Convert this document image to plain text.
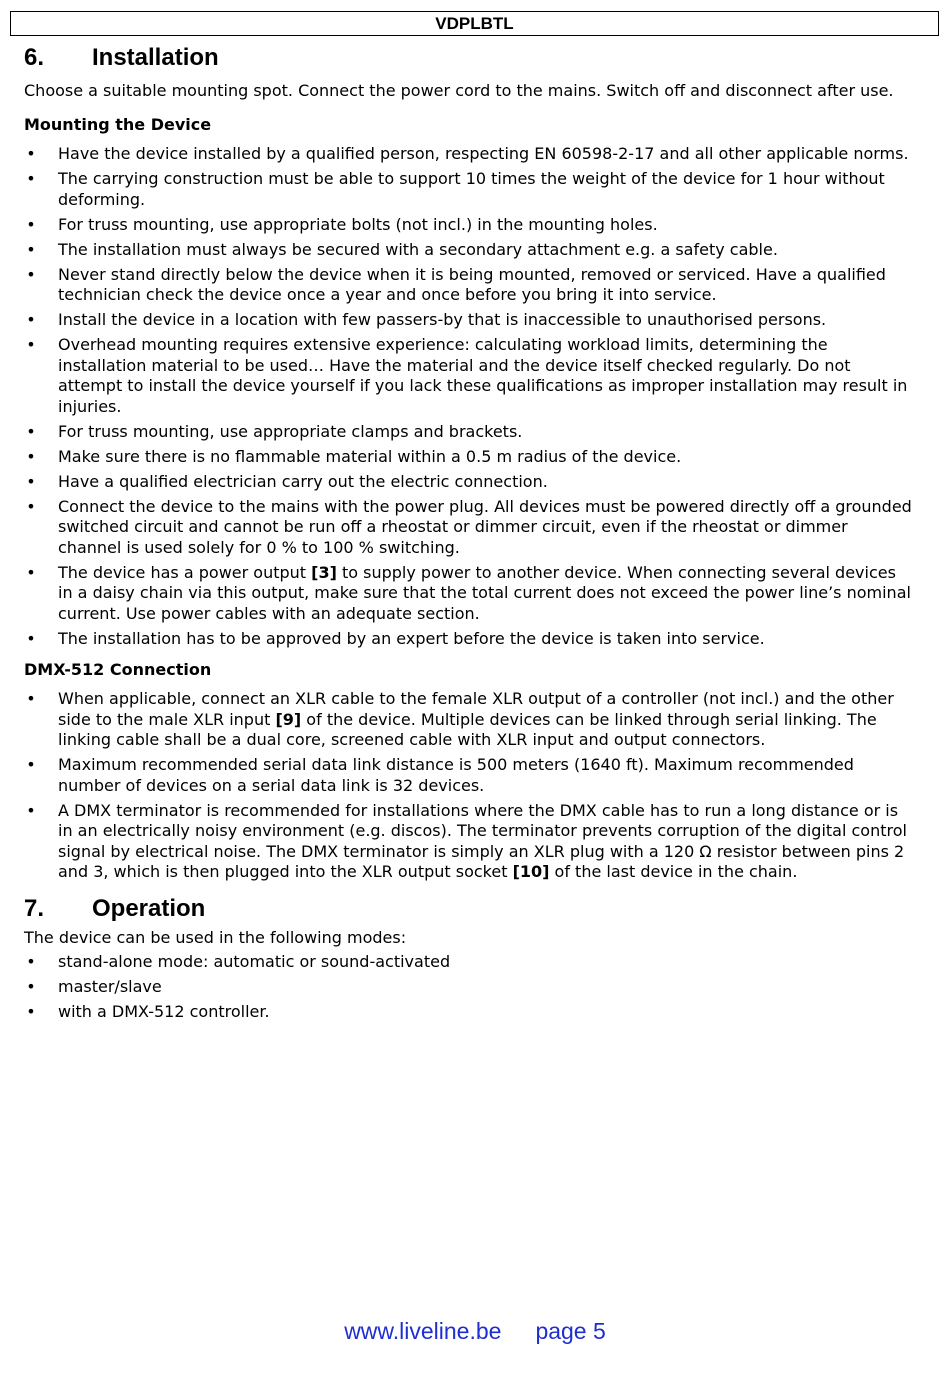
VDPLBTL
6.	Installation

Choose a suitable mounting spot. Connect the power cord to the mains. Switch off and disconnect after use.

Mounting the Device
• Have the device installed by a qualified person, respecting EN 60598-2-17 and all other applicable norms.
• The carrying construction must be able to support 10 times the weight of the device for 1 hour without deforming.
• For truss mounting, use appropriate bolts (not incl.) in the mounting holes.
• The installation must always be secured with a secondary attachment e.g. a safety cable.
• Never stand directly below the device when it is being mounted, removed or serviced. Have a qualified technician check the device once a year and once before you bring it into service.
• Install the device in a location with few passers-by that is inaccessible to unauthorised persons.
• Overhead mounting requires extensive experience: calculating workload limits, determining the installation material to be used… Have the material and the device itself checked regularly. Do not attempt to install the device yourself if you lack these qualifications as improper installation may result in injuries.
• For truss mounting, use appropriate clamps and brackets.
• Make sure there is no flammable material within a 0.5 m radius of the device.
• Have a qualified electrician carry out the electric connection.
• Connect the device to the mains with the power plug. All devices must be powered directly off a grounded switched circuit and cannot be run off a rheostat or dimmer circuit, even if the rheostat or dimmer channel is used solely for 0 % to 100 % switching.
• The device has a power output [3] to supply power to another device. When connecting several devices in a daisy chain via this output, make sure that the total current does not exceed the power line’s nominal current. Use power cables with an adequate section.
• The installation has to be approved by an expert before the device is taken into service.
DMX-512 Connection
• When applicable, connect an XLR cable to the female XLR output of a controller (not incl.) and the other side to the male XLR input [9] of the device. Multiple devices can be linked through serial linking. The linking cable shall be a dual core, screened cable with XLR input and output connectors.
• Maximum recommended serial data link distance is 500 meters (1640 ft). Maximum recommended number of devices on a serial data link is 32 devices.
• A DMX terminator is recommended for installations where the DMX cable has to run a long distance or is in an electrically noisy environment (e.g. discos). The terminator prevents corruption of the digital control signal by electrical noise. The DMX terminator is simply an XLR plug with a 120 Ω resistor between pins 2 and 3, which is then plugged into the XLR output socket [10] of the last device in the chain.
7.	Operation

The device can be used in the following modes:

• stand-alone mode: automatic or sound-activated
• master/slave
• with a DMX-512 controller.
www.liveline.be page 5
